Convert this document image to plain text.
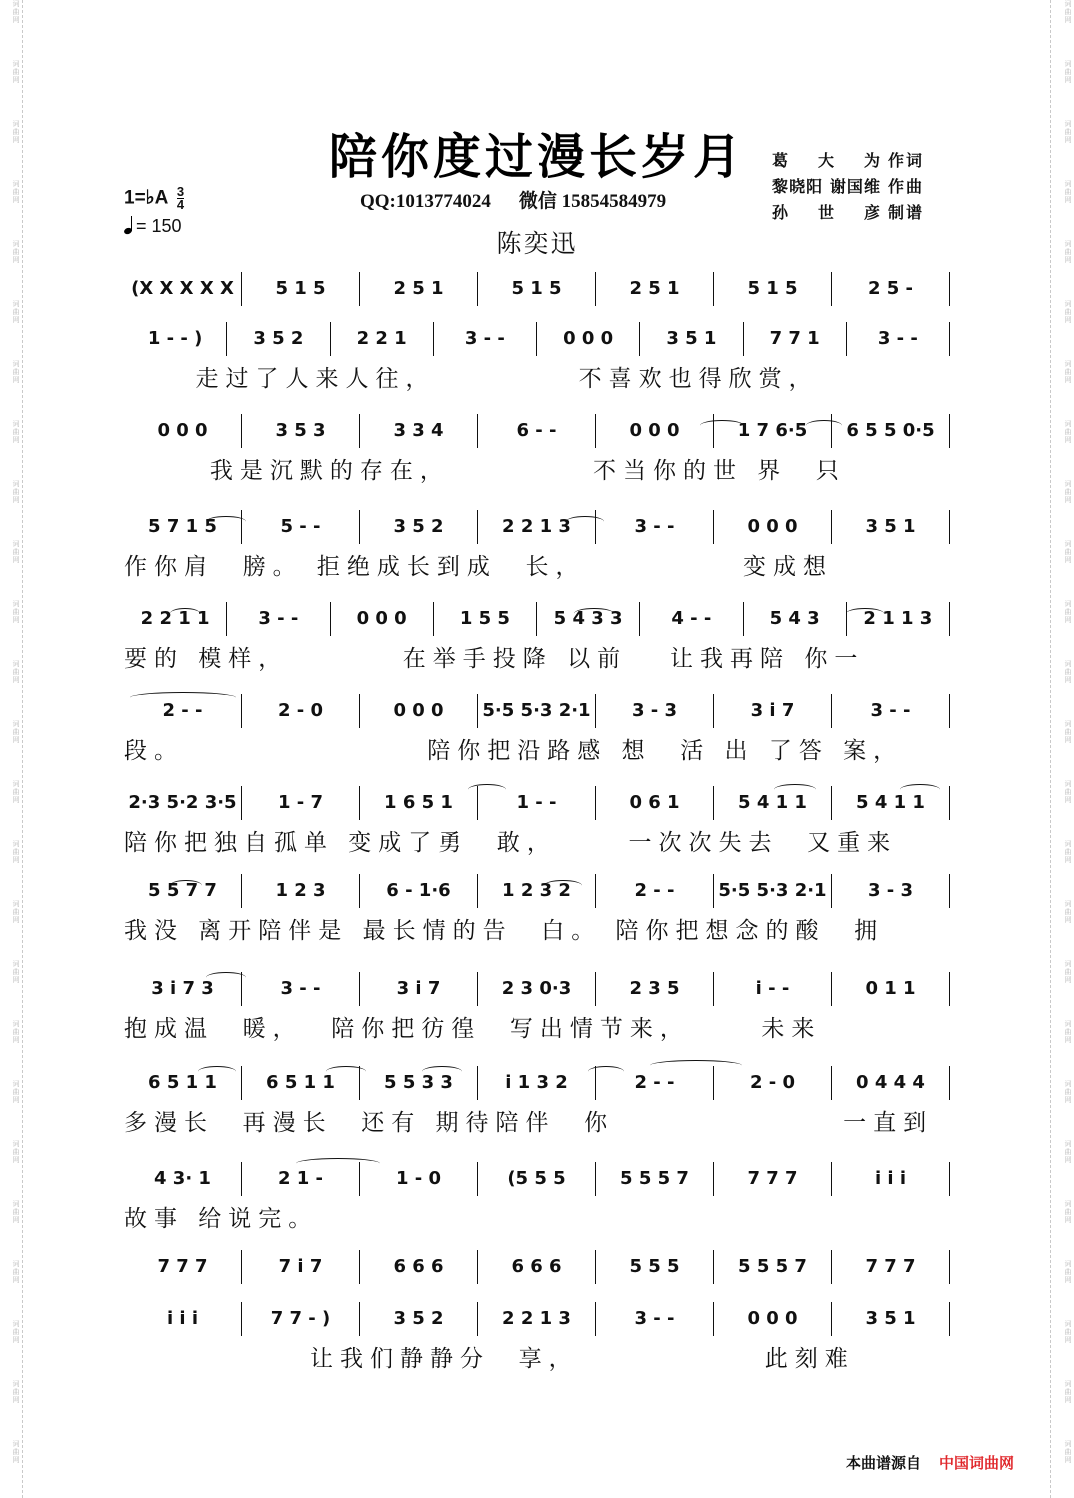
词曲网
词曲网
词曲网
词曲网
词曲网
词曲网
词曲网
词曲网
词曲网
词曲网
词曲网
词曲网
词曲网
词曲网
词曲网
词曲网
词曲网
词曲网
词曲网
词曲网
词曲网
词曲网
词曲网
词曲网
词曲网
词曲网
词曲网
词曲网
词曲网
词曲网
词曲网
词曲网
词曲网
词曲网
词曲网
词曲网
词曲网
词曲网
词曲网
词曲网
词曲网
词曲网
词曲网
词曲网
词曲网
词曲网
词曲网
词曲网
词曲网
词曲网
陪你度过漫长岁月
QQ:1013774024 微信 15854584979
陈奕迅
1=♭A $\frac{3}{4}$
= 150
葛大为 作词
黎晓阳 谢国维 作曲
孙世彦 制谱
(X X X X X	5 1 5	2 5 1	5 1 5	2 5 1	5 1 5	2 5 -
1 - - )	3 5 2	2 2 1	3 - -	0 0 0	3 5 1	7 7 1	3 - -
走过了人来人往，          不喜欢也得欣赏，
0 0 0	3 5 3	3 3 4	6 - -	0 0 0	1 7 6·5	6 5 5 0·5
我是沉默的存在，          不当你的世 界  只
5 7 1 5	5 - -	3 5 2	2 2 1 3	3 - -	0 0 0	3 5 1
作你肩  膀。 拒绝成长到成  长，           变成想
2 2 1 1	3 - -	0 0 0	1 5 5	5 4 3 3	4 - -	5 4 3	2 1 1 3
要的 模样，        在举手投降 以前   让我再陪 你一
2 - -	2 - 0	0 0 0	5·5 5·3 2·1	3 - 3	3 i 7	3 - -
段。                 陪你把沿路感 想  活 出 了答 案，
2·3 5·2 3·5	1 - 7	1 6 5 1	1 - -	0 6 1	5 4 1 1	5 4 1 1
陪你把独自孤单 变成了勇  敢，     一次次失去  又重来
5 5 7 7	1 2 3	6 - 1·6	1 2 3 2	2 - -	5·5 5·3 2·1	3 - 3
我没 离开陪伴是 最长情的告  白。 陪你把想念的酸  拥
3 i 7 3	3 - -	3 i 7	2 3 0·3	2 3 5	i - -	0 1 1
抱成温  暖，  陪你把彷徨  写出情节来，     未来
6 5 1 1	6 5 1 1	5 5 3 3	i 1 3 2	2 - -	2 - 0	0 4 4 4
多漫长  再漫长  还有 期待陪伴  你                一直到
4 3· 1	2 1 -	1 - 0	(5 5 5	5 5 5 7	7 7 7	i i i
故事 给说完。
7 7 7	7 i 7	6 6 6	6 6 6	5 5 5	5 5 5 7	7 7 7
i i i	7 7 - )	3 5 2	2 2 1 3	3 - -	0 0 0	3 5 1
让我们静静分  享，             此刻难
本曲谱源自 中国词曲网
